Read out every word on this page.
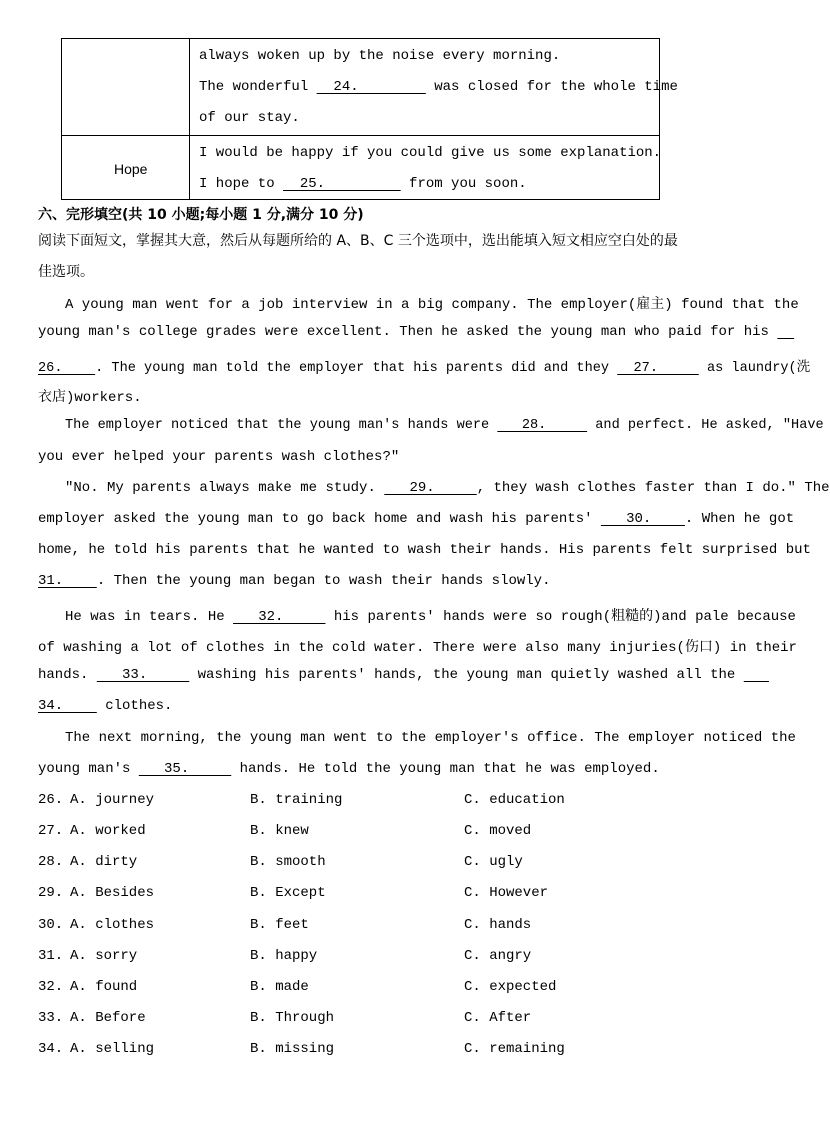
always woken up by the noise every morning.
The wonderful   24.         was closed for the whole time
of our stay.
Hope
I would be happy if you could give us some explanation.
I hope to   25.          from you soon.
六、完形填空(共 10 小题;每小题 1 分,满分 10 分)
阅读下面短文，掌握其大意，然后从每题所给的 A、B、C 三个选项中，选出能填入短文相应空白处的最
佳选项。
A young man went for a job interview in a big company. The employer(雇主) found that the
young man's college grades were excellent. Then he asked the young man who paid for his
26.    . The young man told the employer that his parents did and they   27.      as laundry(洗
衣店)workers.
The employer noticed that the young man's hands were    28.      and perfect. He asked, "Have
you ever helped your parents wash clothes?"
"No. My parents always make me study.    29.     , they wash clothes faster than I do." The
employer asked the young man to go back home and wash his parents'    30.    . When he got
home, he told his parents that he wanted to wash their hands. His parents felt surprised but
31.    . Then the young man began to wash their hands slowly.
He was in tears. He    32.      his parents' hands were so rough(粗糙的)and pale because
of washing a lot of clothes in the cold water. There were also many injuries(伤口) in their
hands.    33.      washing his parents' hands, the young man quietly washed all the
34.     clothes.
The next morning, the young man went to the employer's office. The employer noticed the
young man's    35.      hands. He told the young man that he was employed.
26. A. journey	B. training	C. education
27. A. worked	B. knew	C. moved
28. A. dirty	B. smooth	C. ugly
29. A. Besides	B. Except	C. However
30. A. clothes	B. feet	C. hands
31. A. sorry	B. happy	C. angry
32. A. found	B. made	C. expected
33. A. Before	B. Through	C. After
34. A. selling	B. missing	C. remaining
